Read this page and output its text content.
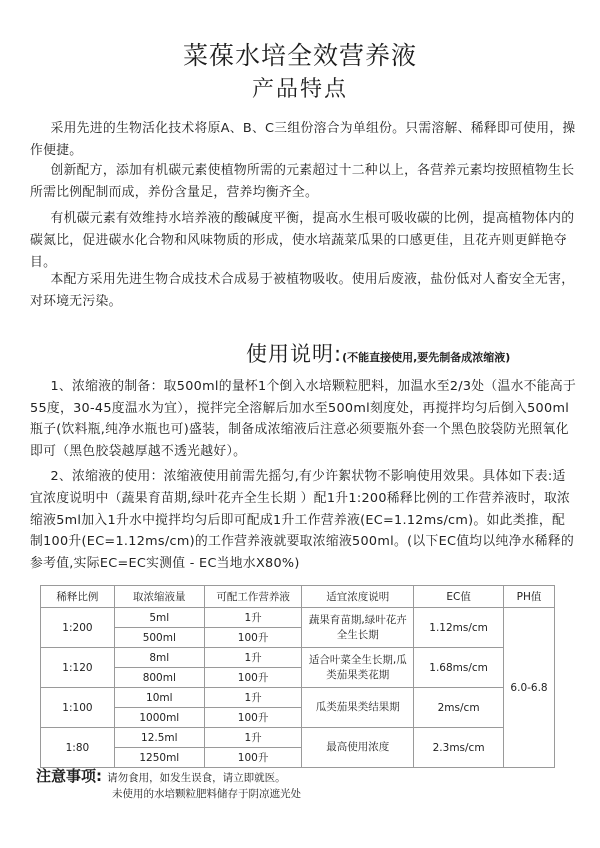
菜葆水培全效营养液
产品特点
采用先进的生物活化技术将原A、B、C三组份溶合为单组份。只需溶解、稀释即可使用，操作便捷。
创新配方，添加有机碳元素使植物所需的元素超过十二种以上，各营养元素均按照植物生长所需比例配制而成，养份含量足，营养均衡齐全。
有机碳元素有效维持水培养液的酸碱度平衡，提高水生根可吸收碳的比例，提高植物体内的碳氮比，促进碳水化合物和风味物质的形成，使水培蔬菜瓜果的口感更佳，且花卉则更鲜艳夺目。
本配方采用先进生物合成技术合成易于被植物吸收。使用后废液，盐份低对人畜安全无害，对环境无污染。
使用说明:(不能直接使用,要先制备成浓缩液)
1、浓缩液的制备：取500ml的量杯1个倒入水培颗粒肥料，加温水至2/3处（温水不能高于55度，30-45度温水为宜），搅拌完全溶解后加水至500ml刻度处，再搅拌均匀后倒入500ml瓶子(饮料瓶,纯净水瓶也可)盛装，制备成浓缩液后注意必须要瓶外套一个黑色胶袋防光照氧化即可（黑色胶袋越厚越不透光越好）。
2、浓缩液的使用：浓缩液使用前需先摇匀,有少许絮状物不影响使用效果。具体如下表:适宜浓度说明中（蔬果育苗期,绿叶花卉全生长期 ）配1升1:200稀释比例的工作营养液时，取浓缩液5ml加入1升水中搅拌均匀后即可配成1升工作营养液(EC=1.12ms/cm)。如此类推，配制100升(EC=1.12ms/cm)的工作营养液就要取浓缩液500ml。(以下EC值均以纯净水稀释的参考值,实际EC=EC实测值 - EC当地水X80%)
稀释比例	取浓缩液量	可配工作营养液	适宜浓度说明	EC值	PH值
1:200	5ml	1升	蔬果育苗期,绿叶花卉全生长期	1.12ms/cm	6.0-6.8
	500ml	100升			
1:120	8ml	1升	适合叶菜全生长期,瓜类茄果类花期	1.68ms/cm	
	800ml	100升			
1:100	10ml	1升	瓜类茄果类结果期	2ms/cm	
	1000ml	100升			
1:80	12.5ml	1升	最高使用浓度	2.3ms/cm	
	1250ml	100升			
注意事项: 请勿食用，如发生误食，请立即就医。
未使用的水培颗粒肥料储存于阴凉遮光处
